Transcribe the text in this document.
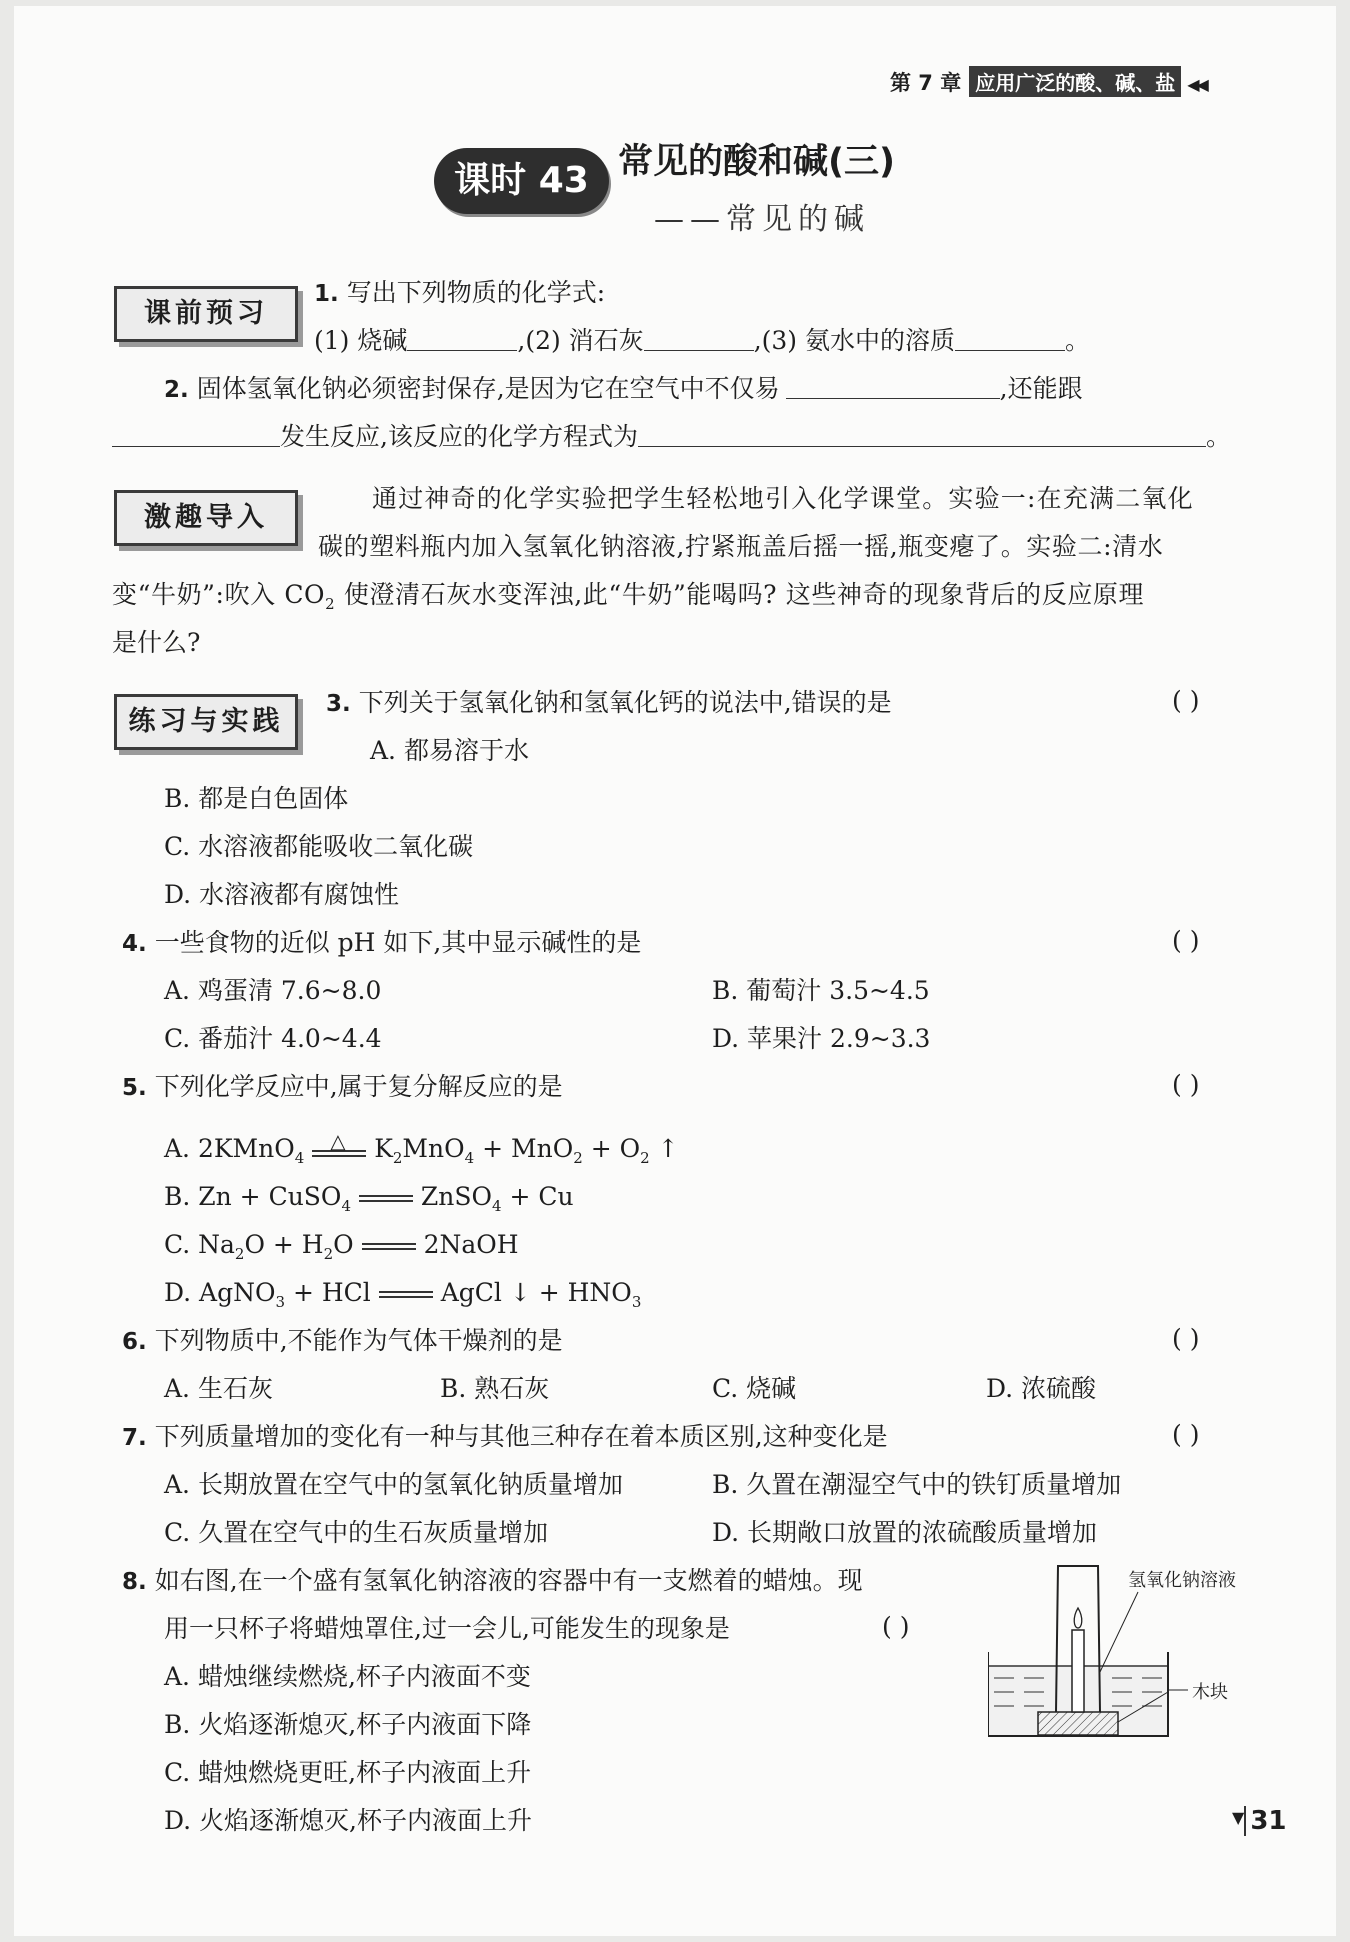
第 7 章 应用广泛的酸、碱、盐 ◀◀
课时 43 常见的酸和碱(三)
——常见的碱
课前预习
1. 写出下列物质的化学式:
(1) 烧碱	,(2) 消石灰	,(3) 氨水中的溶质	。
2. 固体氢氧化钠必须密封保存,是因为它在空气中不仅易	,还能跟
发生反应,该反应的化学方程式为	。
激趣导入
通过神奇的化学实验把学生轻松地引入化学课堂。实验一:在充满二氧化
碳的塑料瓶内加入氢氧化钠溶液,拧紧瓶盖后摇一摇,瓶变瘪了。实验二:清水
变“牛奶”:吹入 $CO_2$ 使澄清石灰水变浑浊,此“牛奶”能喝吗? 这些神奇的现象背后的反应原理
是什么?
练习与实践
3. 下列关于氢氧化钠和氢氧化钙的说法中,错误的是	( )
A. 都易溶于水
B. 都是白色固体
C. 水溶液都能吸收二氧化碳
D. 水溶液都有腐蚀性
4. 一些食物的近似 pH 如下,其中显示碱性的是	( )
A. 鸡蛋清 7.6~8.0	B. 葡萄汁 3.5~4.5
C. 番茄汁 4.0~4.4	D. 苹果汁 2.9~3.3
5. 下列化学反应中,属于复分解反应的是	( )
A. 2KMnO$_4$
△ $K_2MnO_4 + MnO_2 + O_2$ ↑
B. Zn + CuSO$_4$	ZnSO$_4$ + Cu
C. $Na_2O + H_2O$	2NaOH
D. AgNO$_3$ + HCl	AgCl ↓ + $HNO_3$
6. 下列物质中,不能作为气体干燥剂的是	( )
A. 生石灰	B. 熟石灰	C. 烧碱	D. 浓硫酸
7. 下列质量增加的变化有一种与其他三种存在着本质区别,这种变化是	( )
A. 长期放置在空气中的氢氧化钠质量增加	B. 久置在潮湿空气中的铁钉质量增加
C. 久置在空气中的生石灰质量增加	D. 长期敞口放置的浓硫酸质量增加
8. 如右图,在一个盛有氢氧化钠溶液的容器中有一支燃着的蜡烛。现
用一只杯子将蜡烛罩住,过一会儿,可能发生的现象是	( )
A. 蜡烛继续燃烧,杯子内液面不变
B. 火焰逐渐熄灭,杯子内液面下降
C. 蜡烛燃烧更旺,杯子内液面上升
D. 火焰逐渐熄灭,杯子内液面上升
氢氧化钠溶液
木块
▼ 31
